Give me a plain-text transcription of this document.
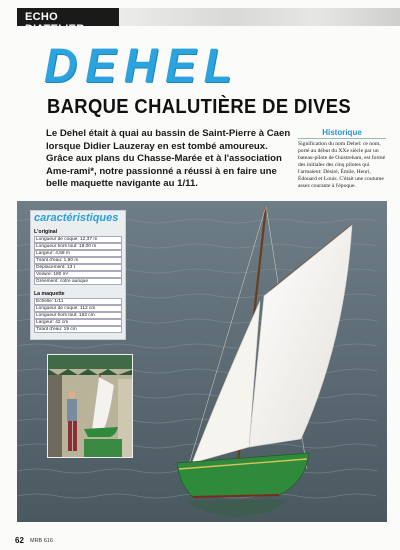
ECHO D'ATELIER
DEHEL
BARQUE CHALUTIÈRE DE DIVES
Le Dehel était à quai au bassin de Saint-Pierre à Caen lorsque Didier Lauzeray en est tombé amoureux. Grâce aux plans du Chasse-Marée et à l'association Ame-rami*, notre passionné a réussi à en faire une belle maquette navigante au 1/11.
Historique
Signification du nom Dehel: ce nom, porté au début du XXe siècle par un bateau-pilote de Ouistreham, est formé des initiales des cinq pilotes qui l'armaient: Désiré, Émile, Henri, Édouard et Louis. C'était une coutume assez courante à l'époque.
caractéristiques
L'original
Longueur de coque: 12,37 m
Longueur hors tout: 18,00 m
Largeur: 4,58 m
Tirant d'eau: 1,80 m
Déplacement: 13 t
Voilure: 180 m²
Gréement: cotre aurique
La maquette
Échelle: 1/11
Longueur de coque: 112 cm
Longueur hors tout: 163 cm
Largeur: 42 cm
Tirant d'eau: 19 cm
62 MRB 616
